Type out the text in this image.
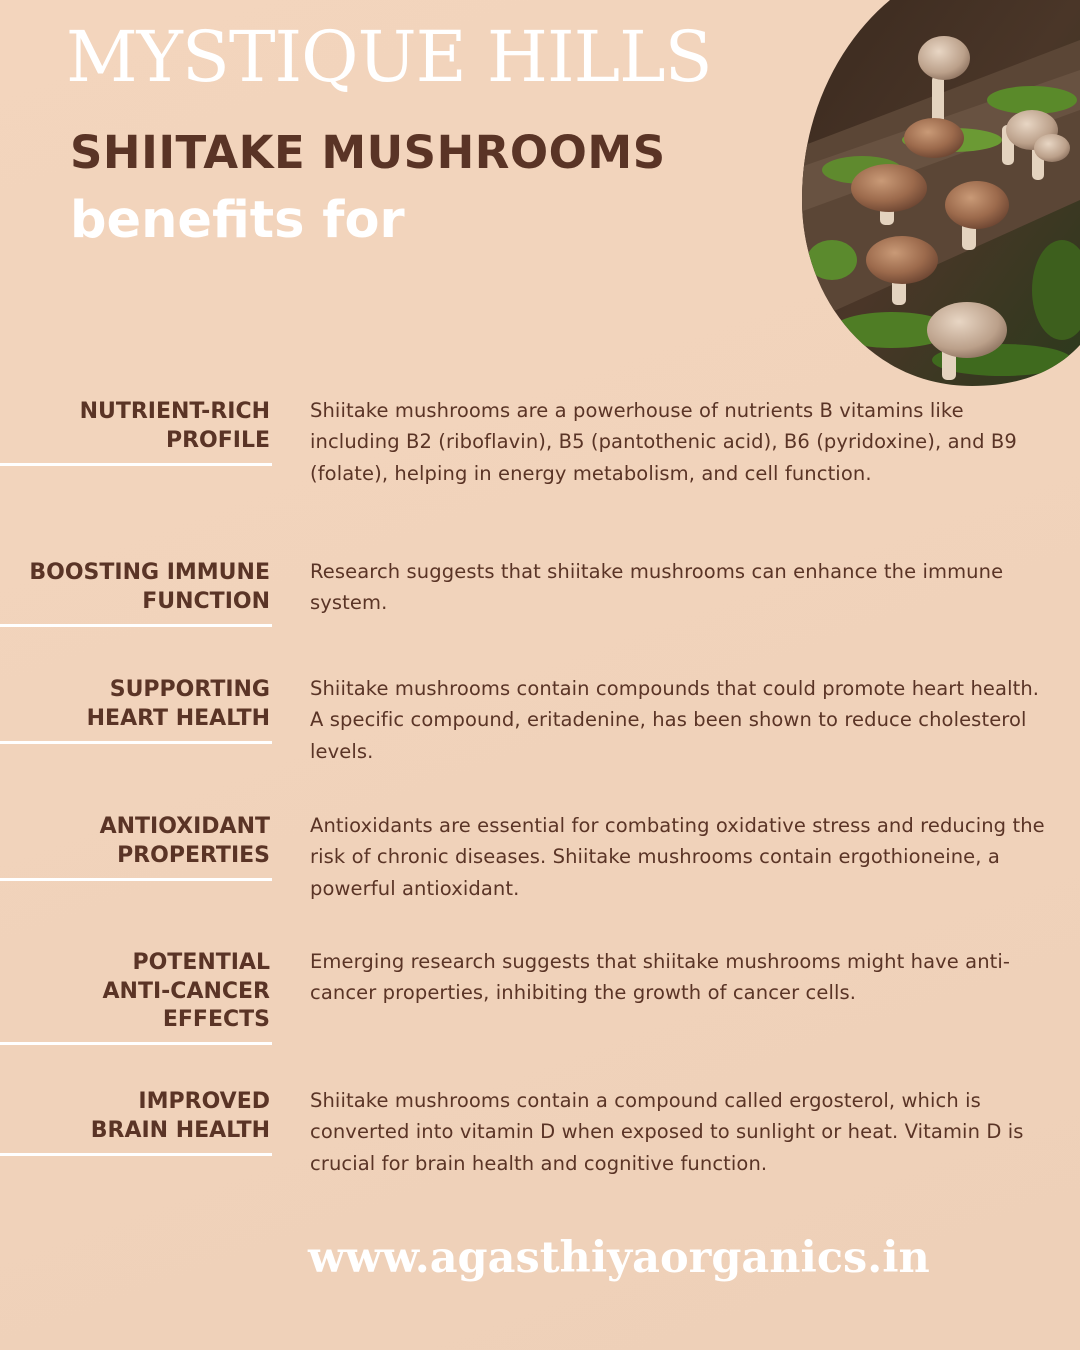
MYSTIQUE HILLS
SHIITAKE MUSHROOMS
benefits for
NUTRIENT-RICH
PROFILE
Shiitake mushrooms are a powerhouse of nutrients B vitamins like including B2 (riboflavin), B5 (pantothenic acid), B6 (pyridoxine), and B9 (folate), helping in energy metabolism, and cell function.
BOOSTING IMMUNE
FUNCTION
Research suggests that shiitake mushrooms can enhance the immune system.
SUPPORTING
HEART HEALTH
Shiitake mushrooms contain compounds that could promote heart health. A specific compound, eritadenine, has been shown to reduce cholesterol levels.
ANTIOXIDANT
PROPERTIES
Antioxidants are essential for combating oxidative stress and reducing the risk of chronic diseases. Shiitake mushrooms contain ergothioneine, a powerful antioxidant.
POTENTIAL
ANTI-CANCER
EFFECTS
Emerging research suggests that shiitake mushrooms might have anti-cancer properties, inhibiting the growth of cancer cells.
IMPROVED
BRAIN HEALTH
Shiitake mushrooms contain a compound called ergosterol, which is converted into vitamin D when exposed to sunlight or heat. Vitamin D is crucial for brain health and cognitive function.
www.agasthiyaorganics.in
